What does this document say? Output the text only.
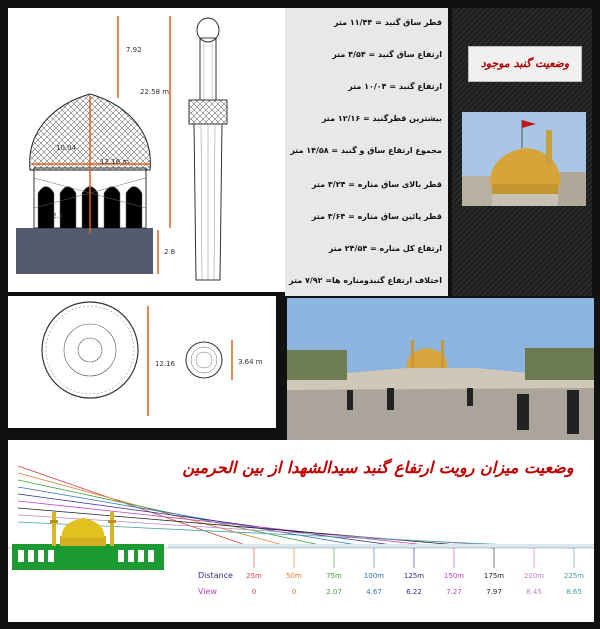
7.92
22.58 m
12.16 m
10.04
2.1
2.8
قطر ساق گنبد = ۱۱/۴۴ متر
ارتفاع ساق گنبد = ۴/۵۴ متر
ارتفاع گنبد = ۱۰/۰۴ متر
بیشترین قطرگنبد = ۱۲/۱۶ متر
مجموع ارتفاع ساق و گنبد = ۱۴/۵۸ متر
قطر بالای ساق مناره = ۳/۲۴ متر
قطر پائین ساق مناره = ۳/۶۴ متر
ارتفاع کل مناره = ۲۴/۵۴ متر
اختلاف ارتفاع گنبدومناره ها= ۷/۹۲ متر
وضعیت گنبد موجود
12.16	3.64 m
وضعیت میزان رویت ارتفاع گنبد سیدالشهدا از بین الحرمین
Distance
View
25m	50m	75m	100m	125m	150m	175m	200m	225m
0	0	2.07	4.67	6.22	7.27	7.97	8.45	8.65
